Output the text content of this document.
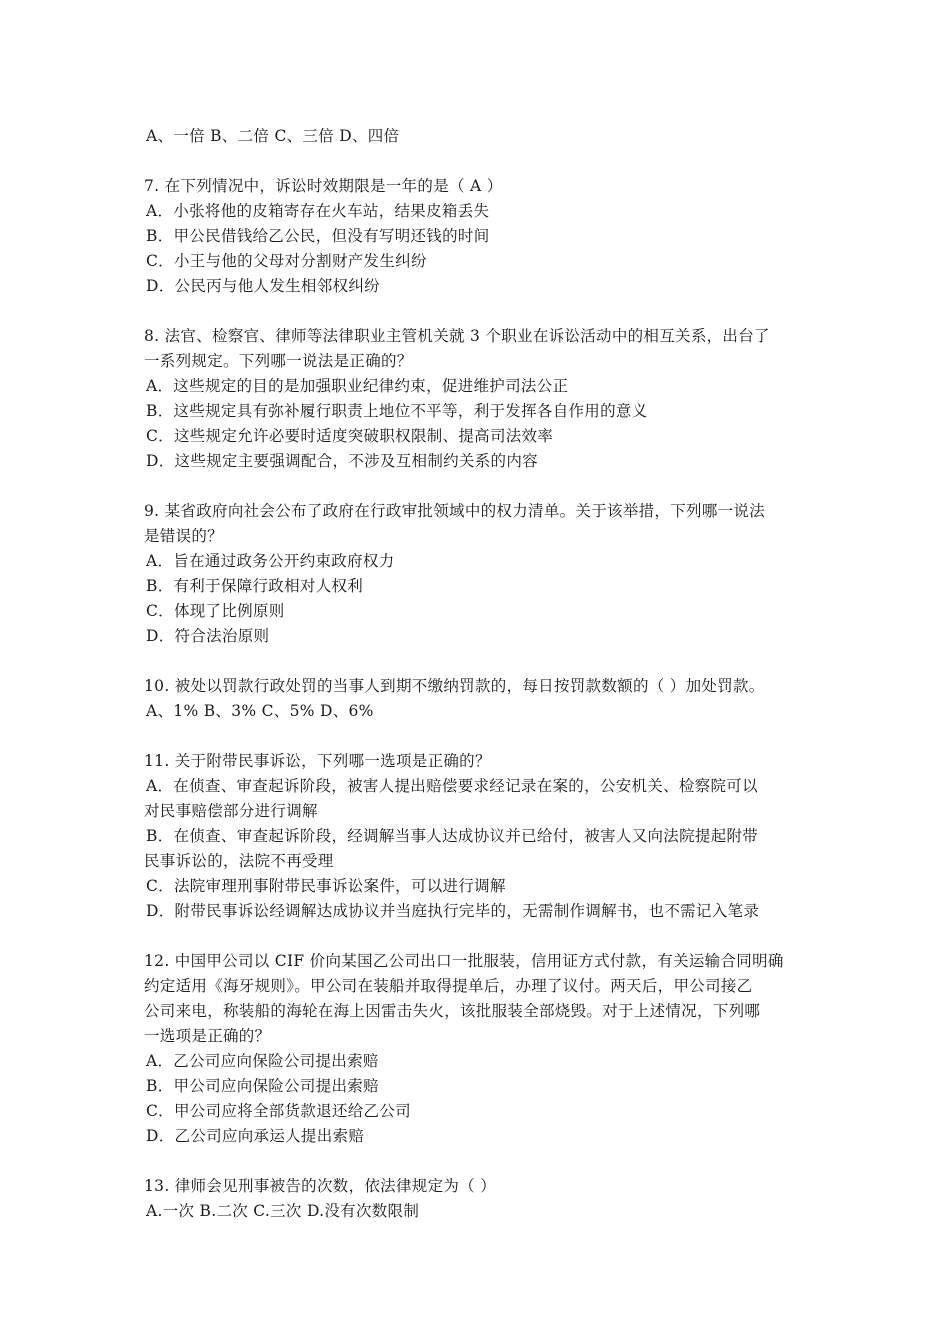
A、一倍 B、二倍 C、三倍 D、四倍
7. 在下列情况中，诉讼时效期限是一年的是（ A ）
A．小张将他的皮箱寄存在火车站，结果皮箱丢失
B．甲公民借钱给乙公民，但没有写明还钱的时间
C．小王与他的父母对分割财产发生纠纷
D．公民丙与他人发生相邻权纠纷
8. 法官、检察官、律师等法律职业主管机关就 3 个职业在诉讼活动中的相互关系，出台了
一系列规定。下列哪一说法是正确的？
A．这些规定的目的是加强职业纪律约束，促进维护司法公正
B．这些规定具有弥补履行职责上地位不平等，利于发挥各自作用的意义
C．这些规定允许必要时适度突破职权限制、提高司法效率
D．这些规定主要强调配合，不涉及互相制约关系的内容
9. 某省政府向社会公布了政府在行政审批领域中的权力清单。关于该举措，下列哪一说法
是错误的？
A．旨在通过政务公开约束政府权力
B．有利于保障行政相对人权利
C．体现了比例原则
D．符合法治原则
10. 被处以罚款行政处罚的当事人到期不缴纳罚款的，每日按罚款数额的（ ）加处罚款。
A、1% B、3% C、5% D、6%
11. 关于附带民事诉讼，下列哪一选项是正确的？
A．在侦查、审查起诉阶段，被害人提出赔偿要求经记录在案的，公安机关、检察院可以
对民事赔偿部分进行调解
B．在侦查、审查起诉阶段，经调解当事人达成协议并已给付，被害人又向法院提起附带
民事诉讼的，法院不再受理
C．法院审理刑事附带民事诉讼案件，可以进行调解
D．附带民事诉讼经调解达成协议并当庭执行完毕的，无需制作调解书，也不需记入笔录
12. 中国甲公司以 CIF 价向某国乙公司出口一批服装，信用证方式付款，有关运输合同明确
约定适用《海牙规则》。甲公司在装船并取得提单后，办理了议付。两天后，甲公司接乙
公司来电，称装船的海轮在海上因雷击失火，该批服装全部烧毁。对于上述情况，下列哪
一选项是正确的？
A．乙公司应向保险公司提出索赔
B．甲公司应向保险公司提出索赔
C．甲公司应将全部货款退还给乙公司
D．乙公司应向承运人提出索赔
13. 律师会见刑事被告的次数，依法律规定为（ ）
A.一次 B.二次 C.三次 D.没有次数限制
